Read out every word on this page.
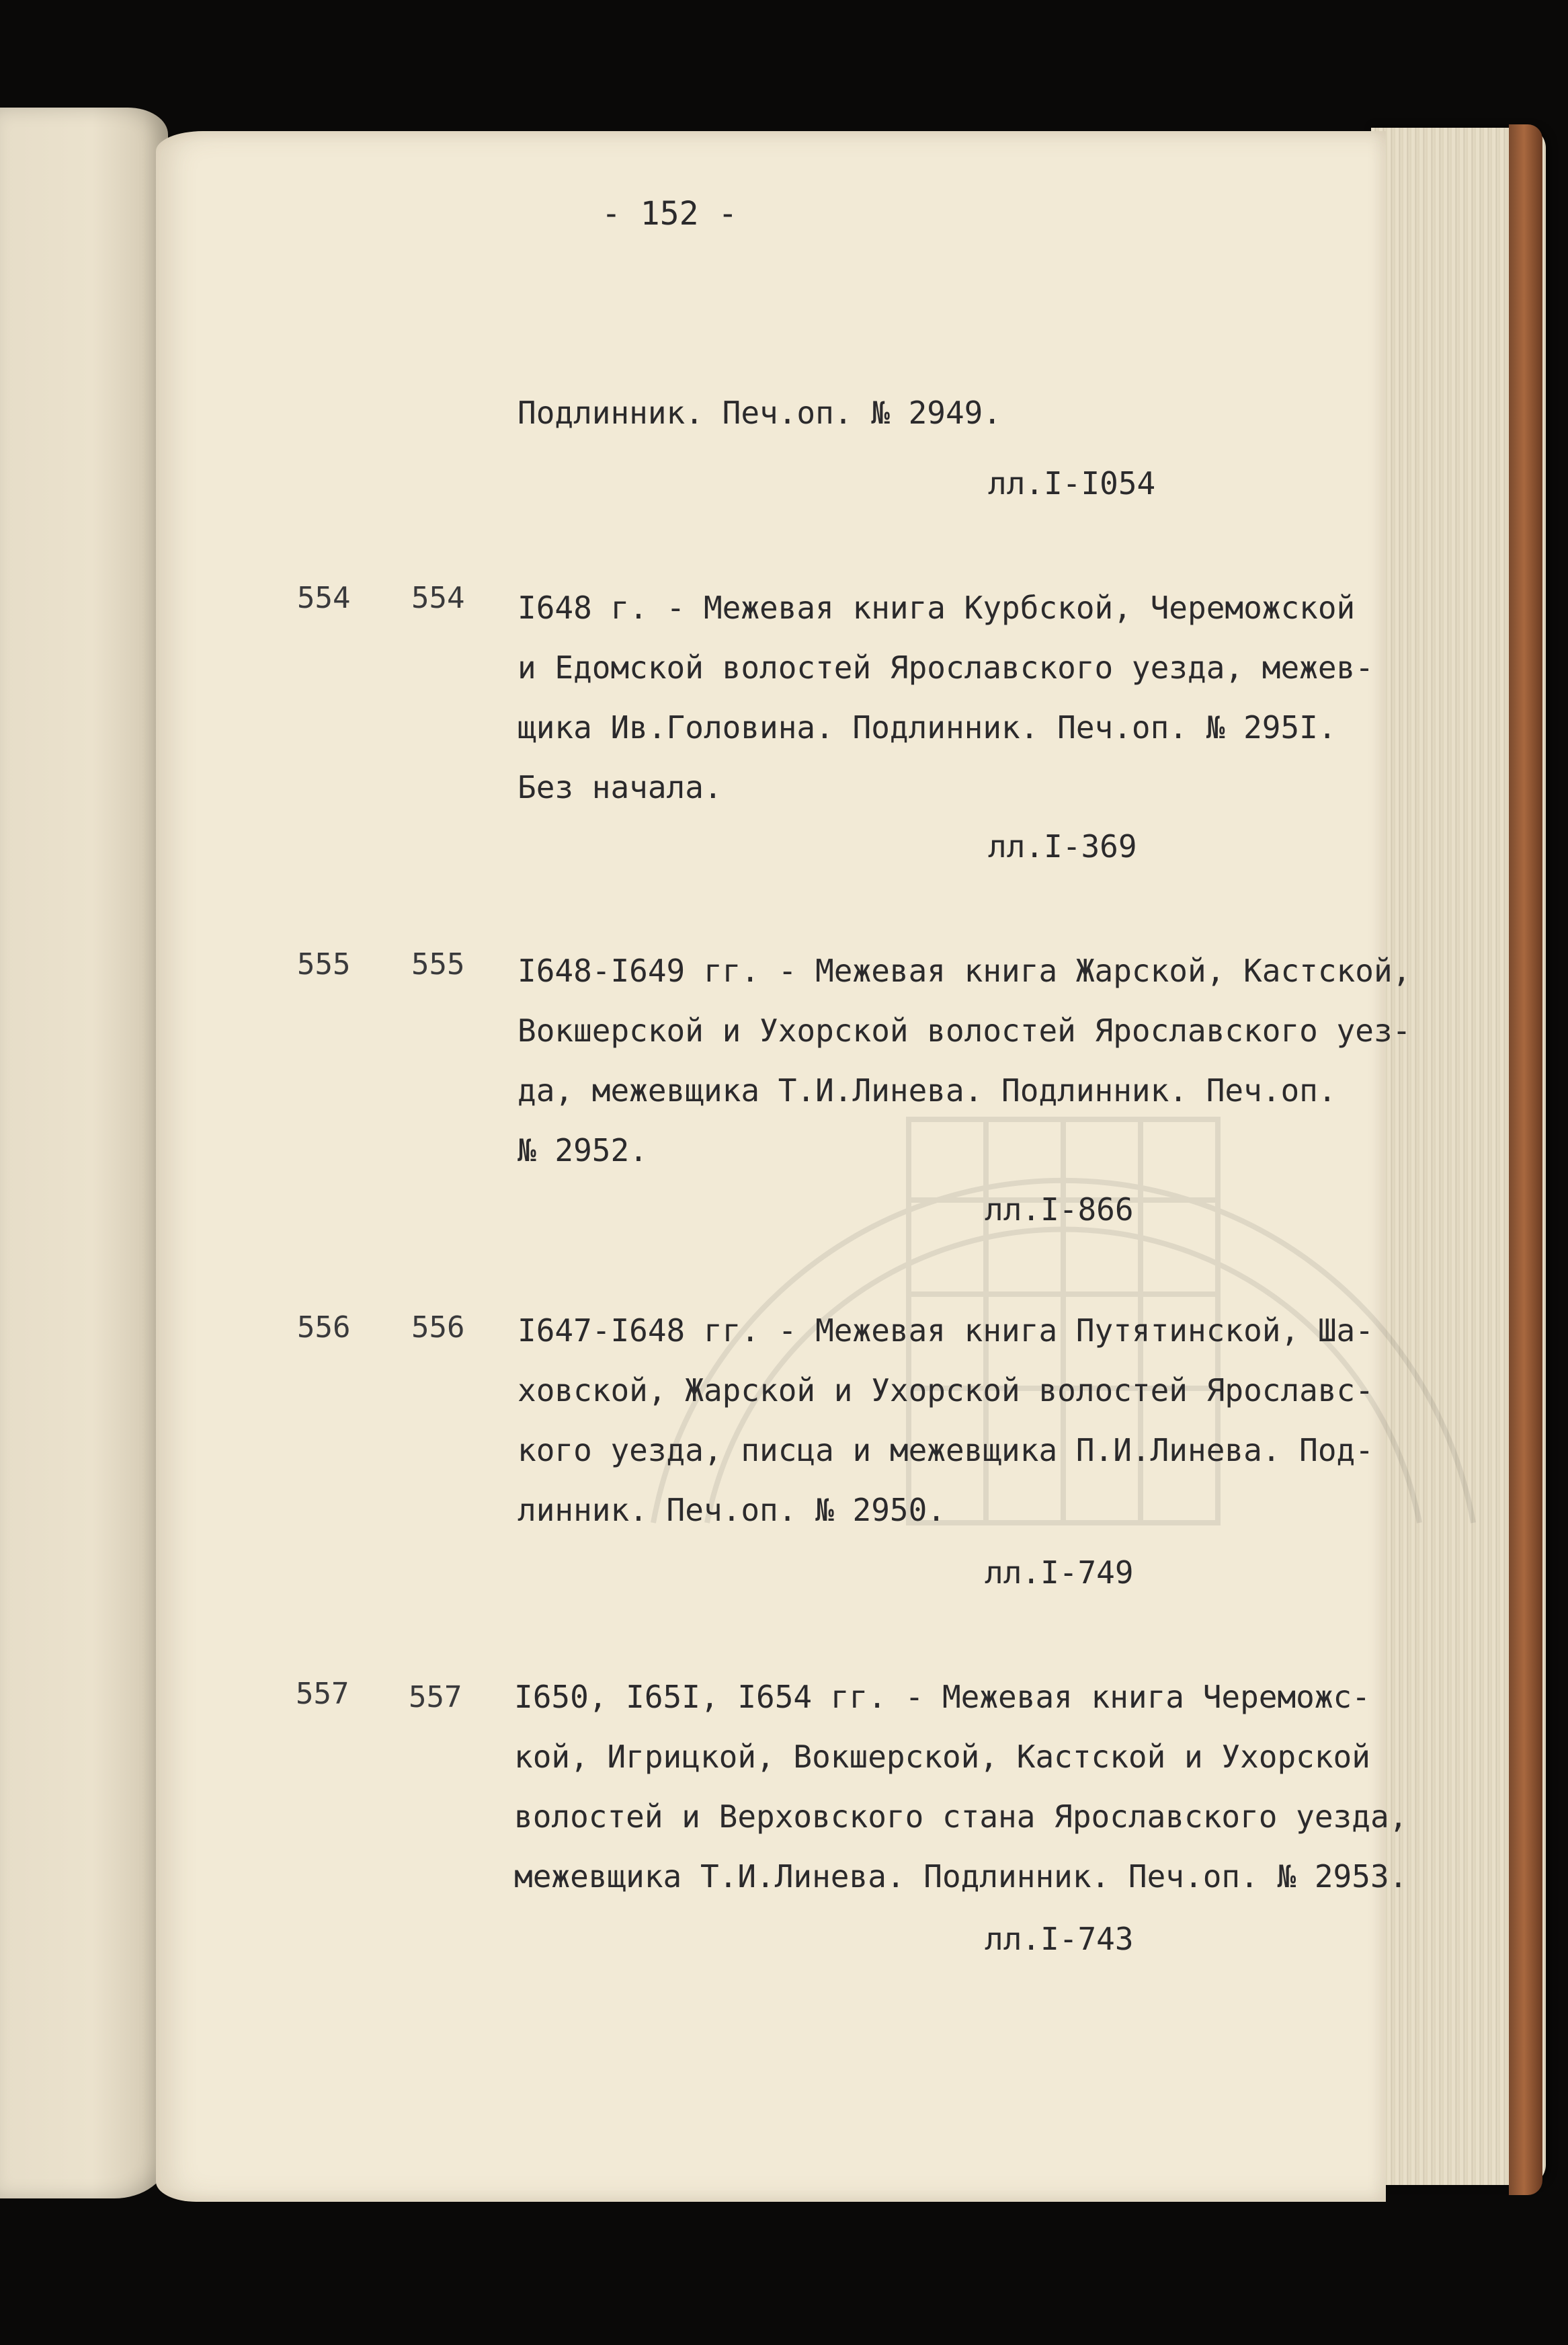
- 152 -
Подлинник. Печ.оп. № 2949.
лл.I-I054
554 554 I648 г. - Межевая книга Курбской, Череможской
и Едомской волостей Ярославского уезда, межев-
щика Ив.Головина. Подлинник. Печ.оп. № 295I.
Без начала.
лл.I-369
555 555 I648-I649 гг. - Межевая книга Жарской, Кастской,
Вокшерской и Ухорской волостей Ярославского уез-
да, межевщика Т.И.Линева. Подлинник. Печ.оп.
№ 2952.
лл.I-866
556 556 I647-I648 гг. - Межевая книга Путятинской, Ша-
ховской, Жарской и Ухорской волостей Ярославс-
кого уезда, писца и межевщика П.И.Линева. Под-
линник. Печ.оп. № 2950.
лл.I-749
557 557 I650, I65I, I654 гг. - Межевая книга Череможс-
кой, Игрицкой, Вокшерской, Кастской и Ухорской
волостей и Верховского стана Ярославского уезда,
межевщика Т.И.Линева. Подлинник. Печ.оп. № 2953.
лл.I-743
